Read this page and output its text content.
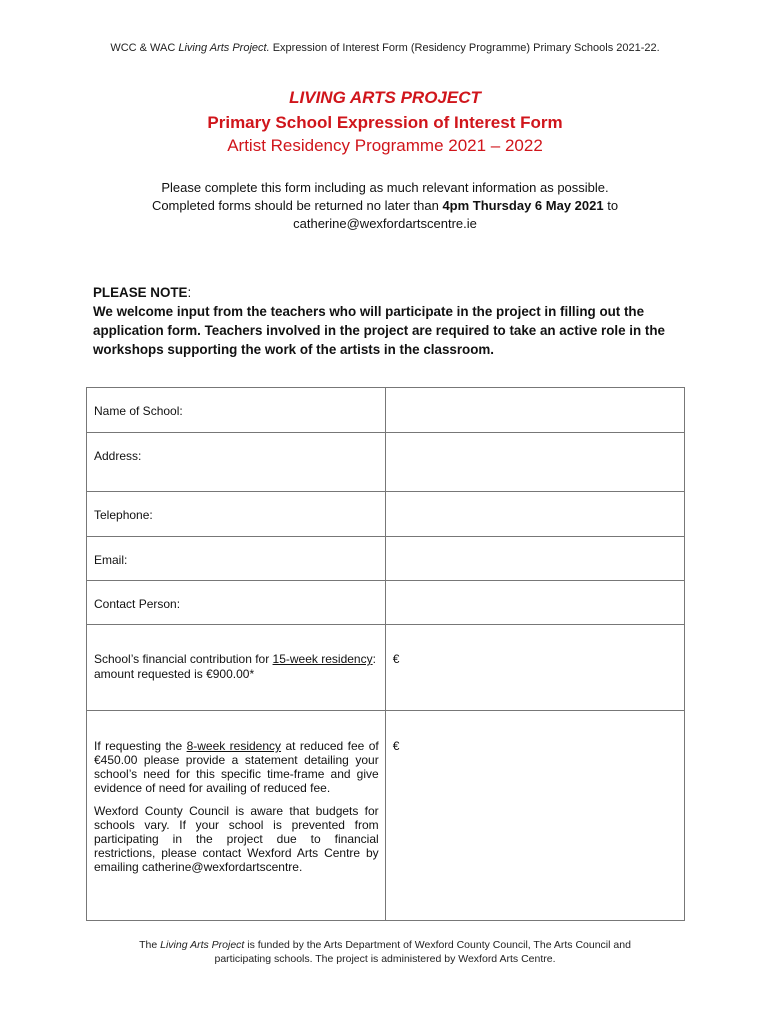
WCC & WAC Living Arts Project. Expression of Interest Form (Residency Programme) Primary Schools 2021-22.
LIVING ARTS PROJECT
Primary School Expression of Interest Form
Artist Residency Programme 2021 – 2022
Please complete this form including as much relevant information as possible.
Completed forms should be returned no later than 4pm Thursday 6 May 2021 to
catherine@wexfordartscentre.ie
PLEASE NOTE:
We welcome input from the teachers who will participate in the project in filling out the application form. Teachers involved in the project are required to take an active role in the workshops supporting the work of the artists in the classroom.
Name of School:	

Address:	

Telephone:	

Email:	

Contact Person:	

School’s financial contribution for 15-week residency: amount requested is €900.00*	€

If requesting the 8-week residency at reduced fee of €450.00 please provide a statement detailing your school’s need for this specific time-frame and give evidence of need for availing of reduced fee.
Wexford County Council is aware that budgets for schools vary. If your school is prevented from participating in the project due to financial restrictions, please contact Wexford Arts Centre by emailing catherine@wexfordartscentre.	€
The Living Arts Project is funded by the Arts Department of Wexford County Council, The Arts Council and
participating schools. The project is administered by Wexford Arts Centre.
